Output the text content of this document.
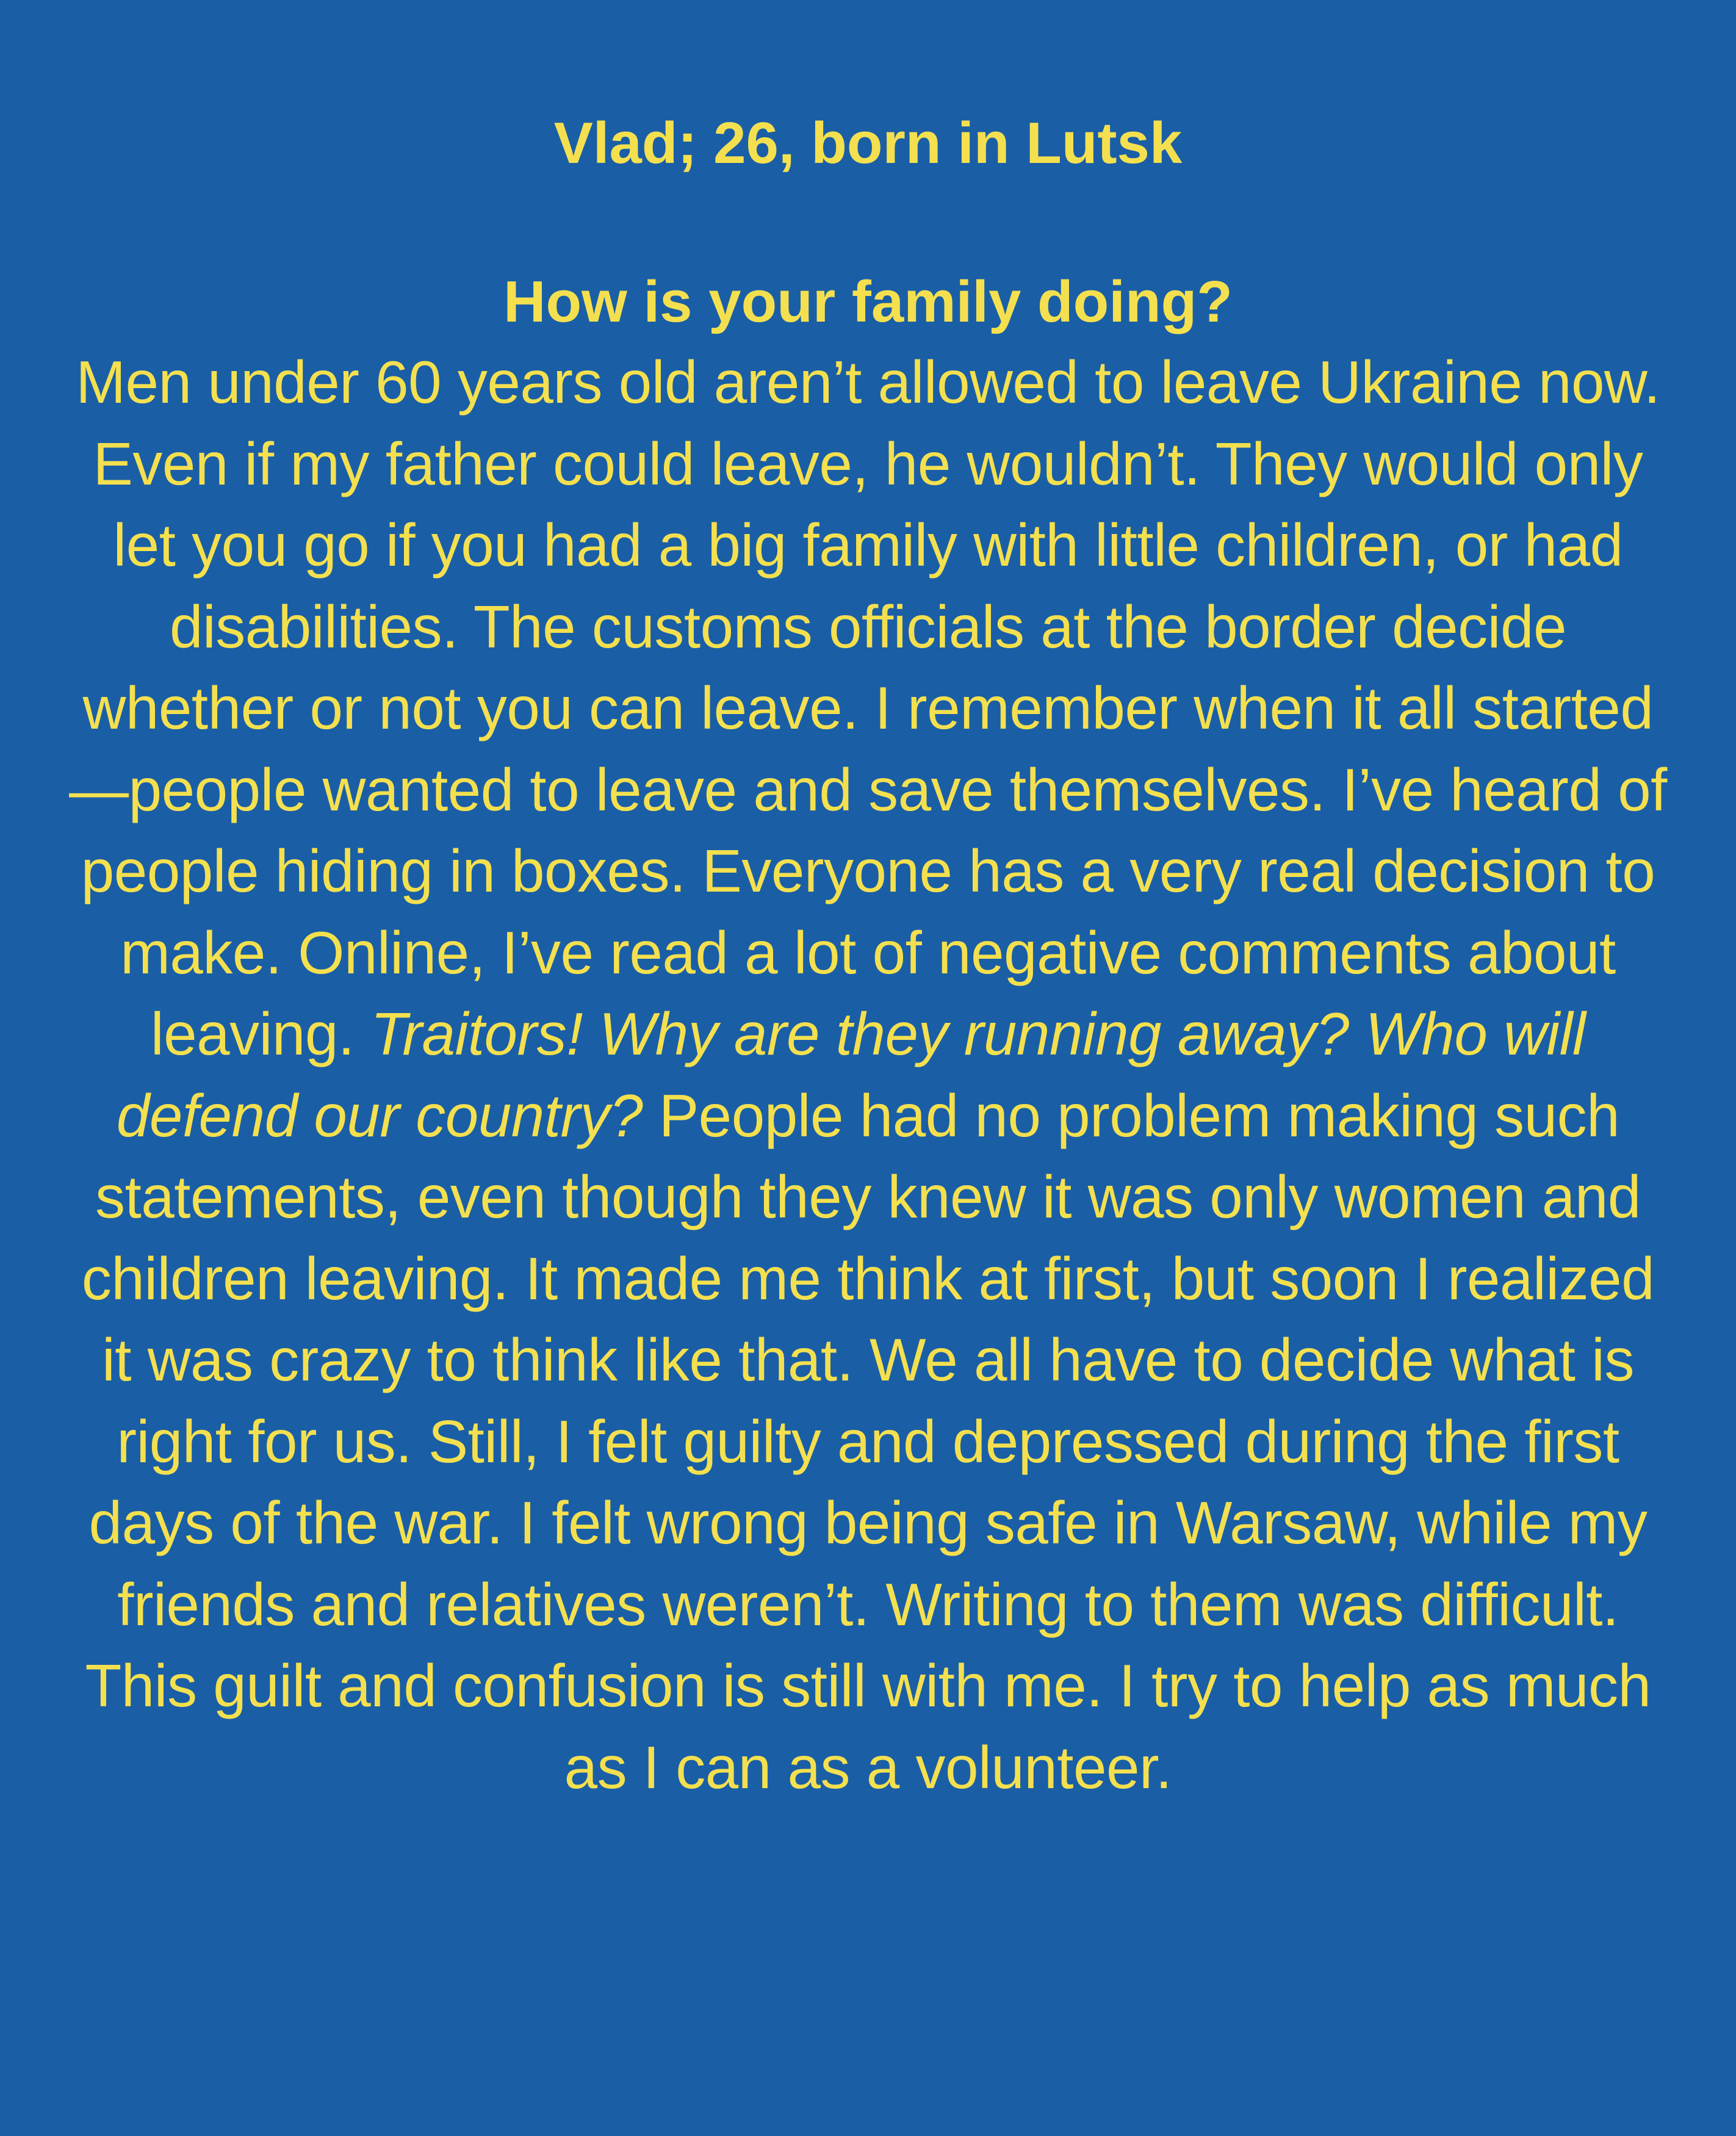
Vlad; 26, born in Lutsk
How is your family doing?

Men under 60 years old aren’t allowed to leave Ukraine now. Even if my father could leave, he wouldn’t. They would only let you go if you had a big family with little children, or had disabilities. The customs officials at the border decide whether or not you can leave. I remember when it all started—people wanted to leave and save themselves. I’ve heard of people hiding in boxes. Everyone has a very real decision to make. Online, I’ve read a lot of negative comments about leaving. Traitors! Why are they running away? Who will defend our country? People had no problem making such statements, even though they knew it was only women and children leaving. It made me think at first, but soon I realized it was crazy to think like that. We all have to decide what is right for us. Still, I felt guilty and depressed during the first days of the war. I felt wrong being safe in Warsaw, while my friends and relatives weren’t. Writing to them was difficult. This guilt and confusion is still with me. I try to help as much as I can as a volunteer.
